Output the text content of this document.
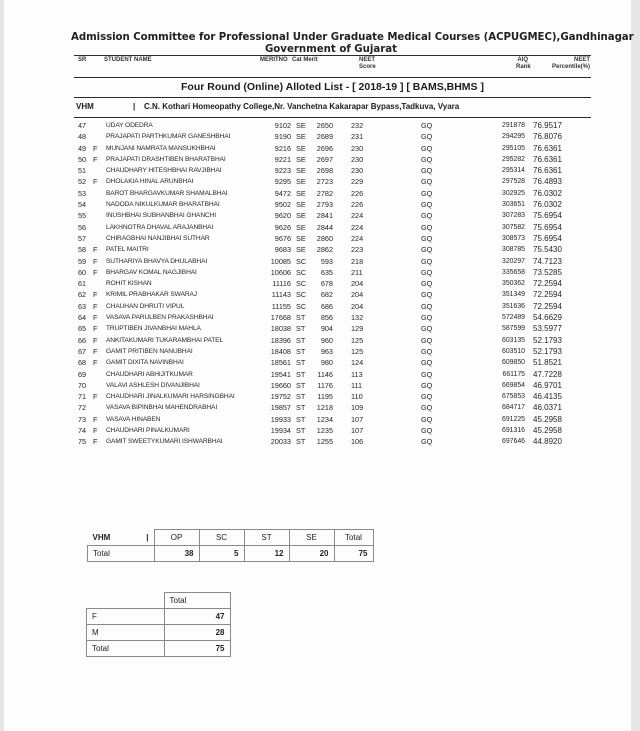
Admission Committee for Professional Under Graduate Medical Courses (ACPUGMEC),Gandhinagar
Government of Gujarat
SR	STUDENT NAME	MERITNO Cat Merit	NEET
Score
AIQ
Rank
NEET
Percentile(%)
Four Round (Online) Alloted List - [ 2018-19 ] [ BAMS,BHMS ]
VHM	| C.N. Kothari Homeopathy College,Nr. Vanchetna Kakarapar Bypass,Tadkuva, Vyara
47	UDAY ODEDRA	9102 SE	2650 232	GQ	291878 76.9517
48	PRAJAPATI PARTHKUMAR GANESHBHAI	9190 SE	2689 231	GQ	294295 76.8076
49 F MUNJANI NAMRATA MANSUKHBHAI	9216 SE	2696 230	GQ	295105 76.6361
50 F PRAJAPATI DRASHTIBEN BHARATBHAI	9221 SE	2697 230	GQ	295282 76.6361
51	CHAUDHARY HITESHBHAI RAVJIBHAI	9223 SE	2698 230	GQ	295314 76.6361
52 F DHOLAKIA HINAL ARUNBHAI	9295 SE	2723 229	GQ	297528 76.4893
53	BAROT BHARGAVKUMAR SHAMALBHAI	9472 SE	2782 226	GQ	302925 76.0302
54	NADODA NIKULKUMAR BHARATBHAI	9502 SE	2793 226	GQ	303651 76.0302
55	INUSHBHAI SUBHANBHAI GHANCHI	9620 SE	2841 224	GQ	307283 75.6954
56	LAKHNOTRA DHAVAL ARAJANBHAI	9626 SE	2844 224	GQ	307582 75.6954
57	CHIRAGBHAI NANJIBHAI SUTHAR	9676 SE	2860 224	GQ	308573 75.6954
58 F PATEL MAITRI	9683 SE	2862 223	GQ	308785 75.5430
59 F SUTHARIYA BHAVYA DHULABHAI	10085 SC	593 218	GQ	320297 74.7123
60 F BHARGAV KOMAL NAGJIBHAI	10606 SC	635 211	GQ	335658 73.5285
61	ROHIT KISHAN	11116 SC	678 204	GQ	350362 72.2594
62 F KRIMIL PRABHAKAR SWARAJ	11143 SC	682 204	GQ	351349 72.2594
63 F CHAUHAN DHRUTI VIPUL	11155 SC	686 204	GQ	351636 72.2594
64 F VASAVA PARULBEN PRAKASHBHAI	17668 ST	856 132	GQ	572489 54.6629
65 F TRUPTIBEN JIVANBHAI MAHLA	18038 ST	904 129	GQ	587599 53.5977
66 F ANKITAKUMARI TUKARAMBHAI PATEL	18396 ST	960 125	GQ	603135 52.1793
67 F GAMIT PRITIBEN NANUBHAI	18408 ST	963 125	GQ	603510 52.1793
68 F GAMIT DIXITA NAVINBHAI	18561 ST	980 124	GQ	609850 51.8521
69	CHAUDHARI ABHIJITKUMAR	19541 ST	1146 113	GQ	661175 47.7228
70	VALAVI ASHLESH DIVANJIBHAI	19660 ST	1176 111	GQ	669854 46.9701
71 F CHAUDHARI JINALKUMARI HARSINGBHAI	19752 ST	1195 110	GQ	675853 46.4135
72	VASAVA BIPINBHAI MAHENDRABHAI	19857 ST	1218 109	GQ	684717 46.0371
73 F VASAVA HINABEN	19933 ST	1234 107	GQ	691225 45.2958
74 F CHAUDHARI PINALKUMARI	19934 ST	1235 107	GQ	691316 45.2958
75 F GAMIT SWEETYKUMARI ISHWARBHAI	20033 ST	1255 106	GQ	697646 44.8920
VHM |	OP	SC	ST	SE	Total
Total	38	5	12	20	75
	Total
F	47
M	28
Total	75
